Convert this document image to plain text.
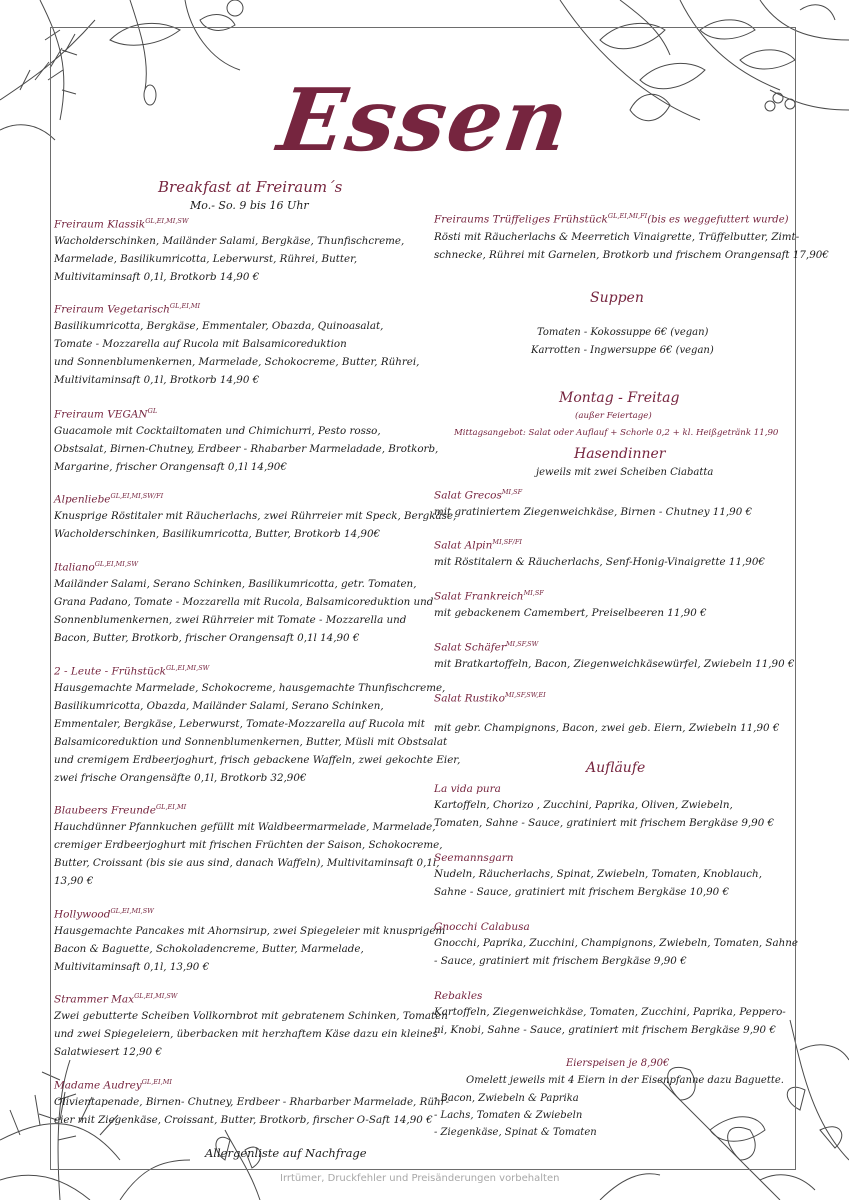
Essen
Breakfast at Freiraum´s
Mo.- So. 9 bis 16 Uhr
Freiraum Klassik$^{GL,EI,MI,SW}$
Wacholderschinken, Mailänder Salami, Bergkäse, Thunfischcreme,
Marmelade, Basilikumricotta, Leberwurst, Rührei, Butter,
Multivitaminsaft 0,1l, Brotkorb 14,90 €
Freiraum Vegetarisch$^{GL,EI,MI}$
Basilikumricotta, Bergkäse, Emmentaler, Obazda, Quinoasalat,
Tomate - Mozzarella auf Rucola mit Balsamicoreduktion
und Sonnenblumenkernen, Marmelade, Schokocreme, Butter, Rührei,
Multivitaminsaft 0,1l, Brotkorb 14,90 €
Freiraum $VEGAN^{GL}$
Guacamole mit Cocktailtomaten und Chimichurri, Pesto rosso,
Obstsalat, Birnen-Chutney, Erdbeer - Rhabarber Marmeladade, Brotkorb,
Margarine, frischer Orangensaft 0,1l 14,90€
Alpenliebe$^{GL,EI,MI,SW/FI}$
Knusprige Röstitaler mit Räucherlachs, zwei Rührreier mit Speck, Bergkäse,
Wacholderschinken, Basilikumricotta, Butter, Brotkorb 14,90€
Italiano$^{GL,EI,MI,SW}$
Mailänder Salami, Serano Schinken, Basilikumricotta, getr. Tomaten,
Grana Padano, Tomate - Mozzarella mit Rucola, Balsamicoreduktion und
Sonnenblumenkernen, zwei Rührreier mit Tomate - Mozzarella und
Bacon, Butter, Brotkorb, frischer Orangensaft 0,1l 14,90 €
2 - Leute - Frühstück$^{GL,EI,MI,SW}$
Hausgemachte Marmelade, Schokocreme, hausgemachte Thunfischcreme,
Basilikumricotta, Obazda, Mailänder Salami, Serano Schinken,
Emmentaler, Bergkäse, Leberwurst, Tomate-Mozzarella auf Rucola mit
Balsamicoreduktion und Sonnenblumenkernen, Butter, Müsli mit Obstsalat
und cremigem Erdbeerjoghurt, frisch gebackene Waffeln, zwei gekochte Eier,
zwei frische Orangensäfte 0,1l, Brotkorb 32,90€
Blaubeers Freunde$^{GL,EI,MI}$
Hauchdünner Pfannkuchen gefüllt mit Waldbeermarmelade, Marmelade,
cremiger Erdbeerjoghurt mit frischen Früchten der Saison, Schokocreme,
Butter, Croissant (bis sie aus sind, danach Waffeln), Multivitaminsaft 0,1l,
13,90 €
Hollywood$^{GL,EI,MI,SW}$
Hausgemachte Pancakes mit Ahornsirup, zwei Spiegeleier mit knusprigem
Bacon & Baguette, Schokoladencreme, Butter, Marmelade,
Multivitaminsaft 0,1l, 13,90 €
Strammer Max$^{GL,EI,MI,SW}$
Zwei gebutterte Scheiben Vollkornbrot mit gebratenem Schinken, Tomaten
und zwei Spiegeleiern, überbacken mit herzhaftem Käse dazu ein kleines
Salatwiesert 12,90 €
Madame Audrey$^{GL,EI,MI}$
Olivientapenade, Birnen- Chutney, Erdbeer - Rharbarber Marmelade, Rühr-
eier mit Ziegenkäse, Croissant, Butter, Brotkorb, firscher O-Saft 14,90 €
Freiraums Trüffeliges Frühstück$^{GL,EI,MI,FI}$(bis es weggefuttert wurde)
Rösti mit Räucherlachs & Meerretich Vinaigrette, Trüffelbutter, Zimt-
schnecke, Rührei mit Garnelen, Brotkorb und frischem Orangensaft 17,90€
Suppen
Tomaten - Kokossuppe 6€ (vegan)
Karrotten - Ingwersuppe 6€ (vegan)
Montag - Freitag
(außer Feiertage)
Mittagsangebot: Salat oder Auflauf + Schorle 0,2 + kl. Heißgetränk 11,90
Hasendinner
jeweils mit zwei Scheiben Ciabatta
Salat Grecos$^{MI,SF}$
mit gratiniertem Ziegenweichkäse, Birnen - Chutney 11,90 €
Salat Alpin$^{MI,SF/FI}$
mit Röstitalern & Räucherlachs, Senf-Honig-Vinaigrette 11,90€
Salat Frankreich$^{MI,SF}$
mit gebackenem Camembert, Preiselbeeren 11,90 €
Salat Schäfer$^{MI,SF,SW}$
mit Bratkartoffeln, Bacon, Ziegenweichkäsewürfel, Zwiebeln 11,90 €
Salat Rustiko$^{MI,SF,SW,EI}$
mit gebr. Champignons, Bacon, zwei geb. Eiern, Zwiebeln 11,90 €
Aufläufe
La vida pura
Kartoffeln, Chorizo , Zucchini, Paprika, Oliven, Zwiebeln,
Tomaten, Sahne - Sauce, gratiniert mit frischem Bergkäse 9,90 €
Seemannsgarn
Nudeln, Räucherlachs, Spinat, Zwiebeln, Tomaten, Knoblauch,
Sahne - Sauce, gratiniert mit frischem Bergkäse 10,90 €
Gnocchi Calabusa
Gnocchi, Paprika, Zucchini, Champignons, Zwiebeln, Tomaten, Sahne
- Sauce, gratiniert mit frischem Bergkäse 9,90 €
Rebakles
Kartoffeln, Ziegenweichkäse, Tomaten, Zucchini, Paprika, Peppero-
ni, Knobi, Sahne - Sauce, gratiniert mit frischem Bergkäse 9,90 €
Eierspeisen je 8,90€
Omelett jeweils mit 4 Eiern in der Eisenpfanne dazu Baguette.
- Bacon, Zwiebeln & Paprika
- Lachs, Tomaten & Zwiebeln
- Ziegenkäse, Spinat & Tomaten
Allergenliste auf Nachfrage
Irrtümer, Druckfehler und Preisänderungen vorbehalten
